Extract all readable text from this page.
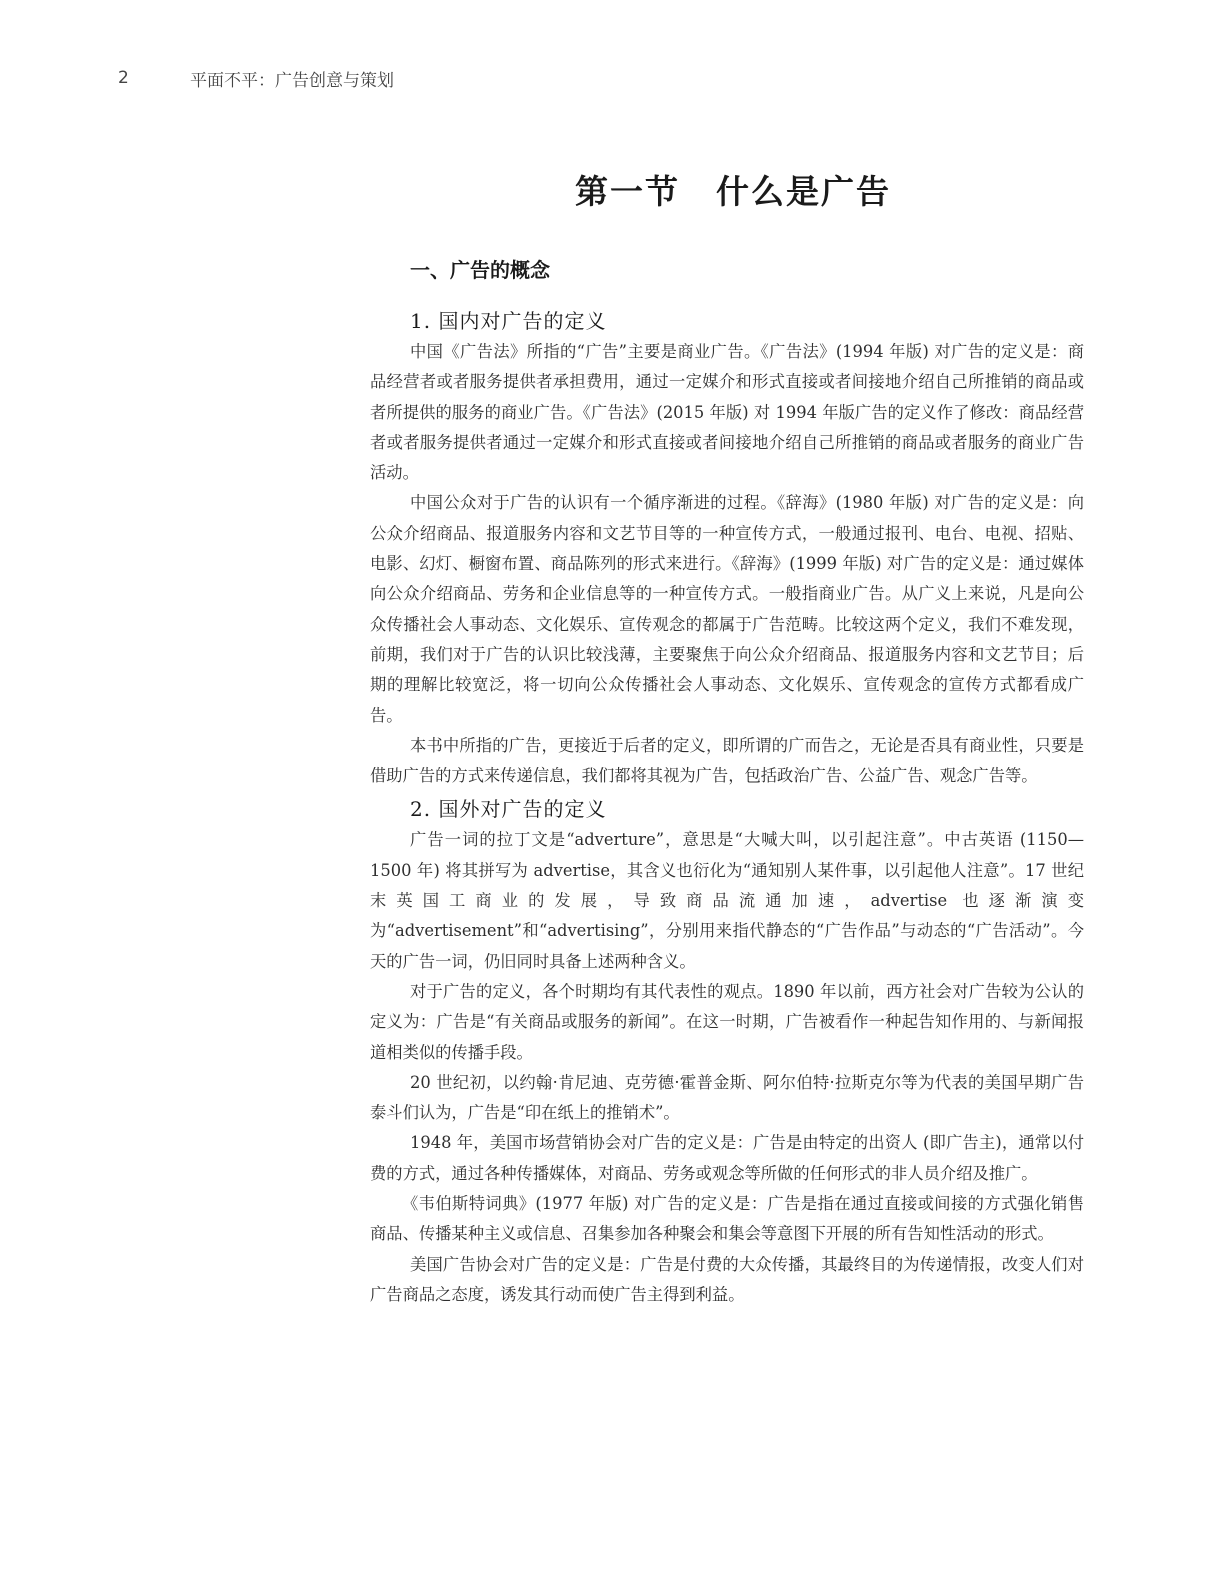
2	平面不平：广告创意与策划
第一节 什么是广告
一、广告的概念
1. 国内对广告的定义

中国《广告法》所指的“广告”主要是商业广告。《广告法》(1994 年版) 对广告的定义是：商品经营者或者服务提供者承担费用，通过一定媒介和形式直接或者间接地介绍自己所推销的商品或者所提供的服务的商业广告。《广告法》(2015 年版) 对 1994 年版广告的定义作了修改：商品经营者或者服务提供者通过一定媒介和形式直接或者间接地介绍自己所推销的商品或者服务的商业广告活动。

中国公众对于广告的认识有一个循序渐进的过程。《辞海》(1980 年版) 对广告的定义是：向公众介绍商品、报道服务内容和文艺节目等的一种宣传方式，一般通过报刊、电台、电视、招贴、电影、幻灯、橱窗布置、商品陈列的形式来进行。《辞海》(1999 年版) 对广告的定义是：通过媒体向公众介绍商品、劳务和企业信息等的一种宣传方式。一般指商业广告。从广义上来说，凡是向公众传播社会人事动态、文化娱乐、宣传观念的都属于广告范畴。比较这两个定义，我们不难发现，前期，我们对于广告的认识比较浅薄，主要聚焦于向公众介绍商品、报道服务内容和文艺节目；后期的理解比较宽泛，将一切向公众传播社会人事动态、文化娱乐、宣传观念的宣传方式都看成广告。

本书中所指的广告，更接近于后者的定义，即所谓的广而告之，无论是否具有商业性，只要是借助广告的方式来传递信息，我们都将其视为广告，包括政治广告、公益广告、观念广告等。

2. 国外对广告的定义

广告一词的拉丁文是“adverture”，意思是“大喊大叫，以引起注意”。中古英语 (1150—1500 年) 将其拼写为 advertise，其含义也衍化为“通知别人某件事，以引起他人注意”。17 世纪末英国工商业的发展，导致商品流通加速，advertise 也逐渐演变为“advertisement”和“advertising”，分别用来指代静态的“广告作品”与动态的“广告活动”。今天的广告一词，仍旧同时具备上述两种含义。

对于广告的定义，各个时期均有其代表性的观点。1890 年以前，西方社会对广告较为公认的定义为：广告是“有关商品或服务的新闻”。在这一时期，广告被看作一种起告知作用的、与新闻报道相类似的传播手段。

20 世纪初，以约翰·肯尼迪、克劳德·霍普金斯、阿尔伯特·拉斯克尔等为代表的美国早期广告泰斗们认为，广告是“印在纸上的推销术”。

1948 年，美国市场营销协会对广告的定义是：广告是由特定的出资人 (即广告主)，通常以付费的方式，通过各种传播媒体，对商品、劳务或观念等所做的任何形式的非人员介绍及推广。

《韦伯斯特词典》(1977 年版) 对广告的定义是：广告是指在通过直接或间接的方式强化销售商品、传播某种主义或信息、召集参加各种聚会和集会等意图下开展的所有告知性活动的形式。

美国广告协会对广告的定义是：广告是付费的大众传播，其最终目的为传递情报，改变人们对广告商品之态度，诱发其行动而使广告主得到利益。
